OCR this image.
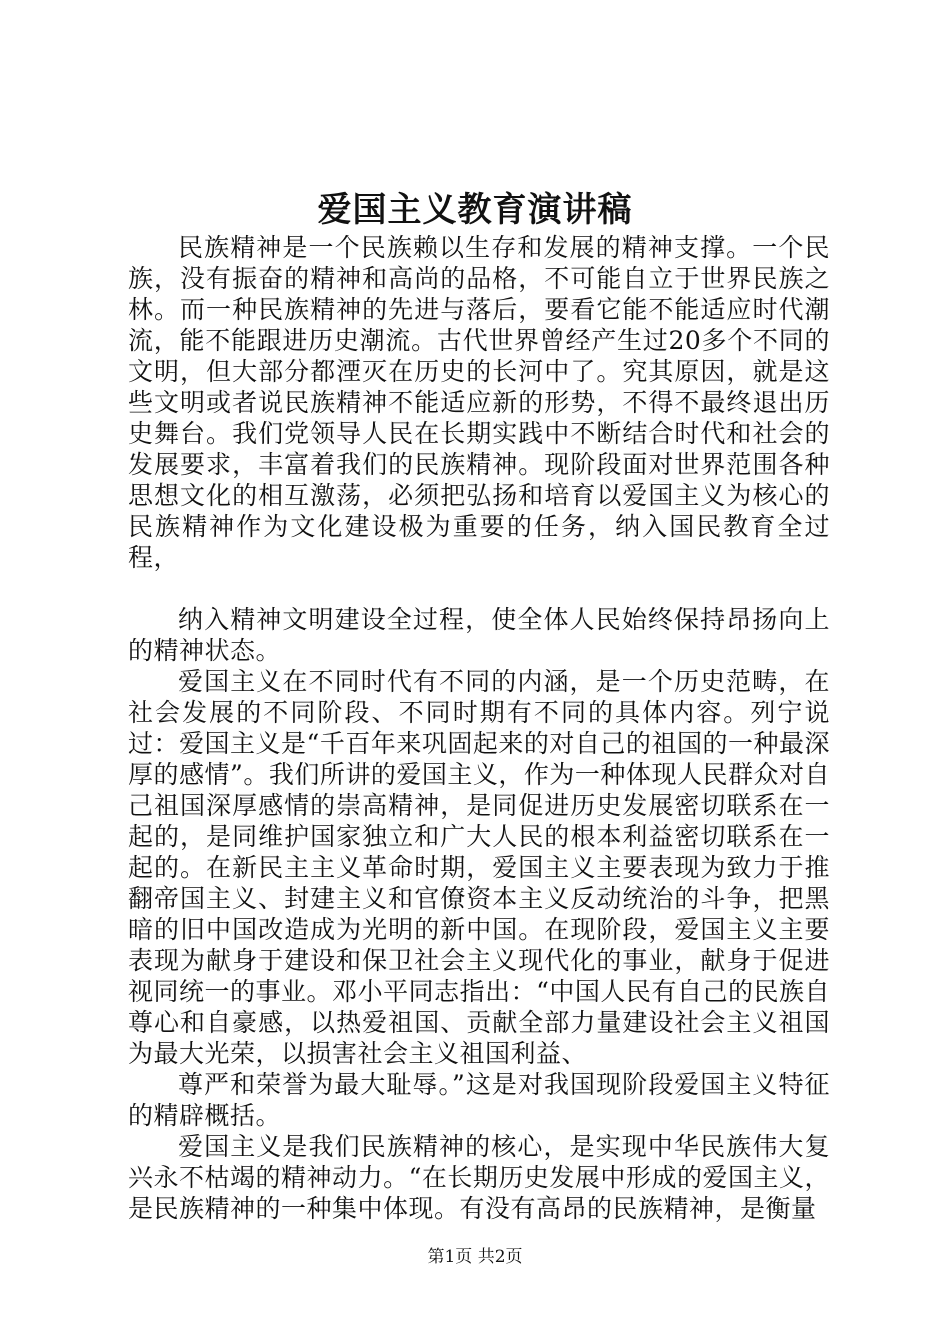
爱国主义教育演讲稿

民族精神是一个民族赖以生存和发展的精神支撑。一个民族，没有振奋的精神和高尚的品格，不可能自立于世界民族之林。而一种民族精神的先进与落后，要看它能不能适应时代潮流，能不能跟进历史潮流。古代世界曾经产生过20多个不同的文明，但大部分都湮灭在历史的长河中了。究其原因，就是这些文明或者说民族精神不能适应新的形势，不得不最终退出历史舞台。我们党领导人民在长期实践中不断结合时代和社会的发展要求，丰富着我们的民族精神。现阶段面对世界范围各种思想文化的相互激荡，必须把弘扬和培育以爱国主义为核心的民族精神作为文化建设极为重要的任务，纳入国民教育全过程，

纳入精神文明建设全过程，使全体人民始终保持昂扬向上的精神状态。

爱国主义在不同时代有不同的内涵，是一个历史范畴，在社会发展的不同阶段、不同时期有不同的具体内容。列宁说过：爱国主义是“千百年来巩固起来的对自己的祖国的一种最深厚的感情”。我们所讲的爱国主义，作为一种体现人民群众对自己祖国深厚感情的崇高精神，是同促进历史发展密切联系在一起的，是同维护国家独立和广大人民的根本利益密切联系在一起的。在新民主主义革命时期，爱国主义主要表现为致力于推翻帝国主义、封建主义和官僚资本主义反动统治的斗争，把黑暗的旧中国改造成为光明的新中国。在现阶段，爱国主义主要表现为献身于建设和保卫社会主义现代化的事业，献身于促进视同统一的事业。邓小平同志指出：“中国人民有自己的民族自尊心和自豪感，以热爱祖国、贡献全部力量建设社会主义祖国为最大光荣，以损害社会主义祖国利益、

尊严和荣誉为最大耻辱。”这是对我国现阶段爱国主义特征的精辟概括。

爱国主义是我们民族精神的核心，是实现中华民族伟大复兴永不枯竭的精神动力。“在长期历史发展中形成的爱国主义，是民族精神的一种集中体现。有没有高昂的民族精神，是衡量

第1页 共2页
